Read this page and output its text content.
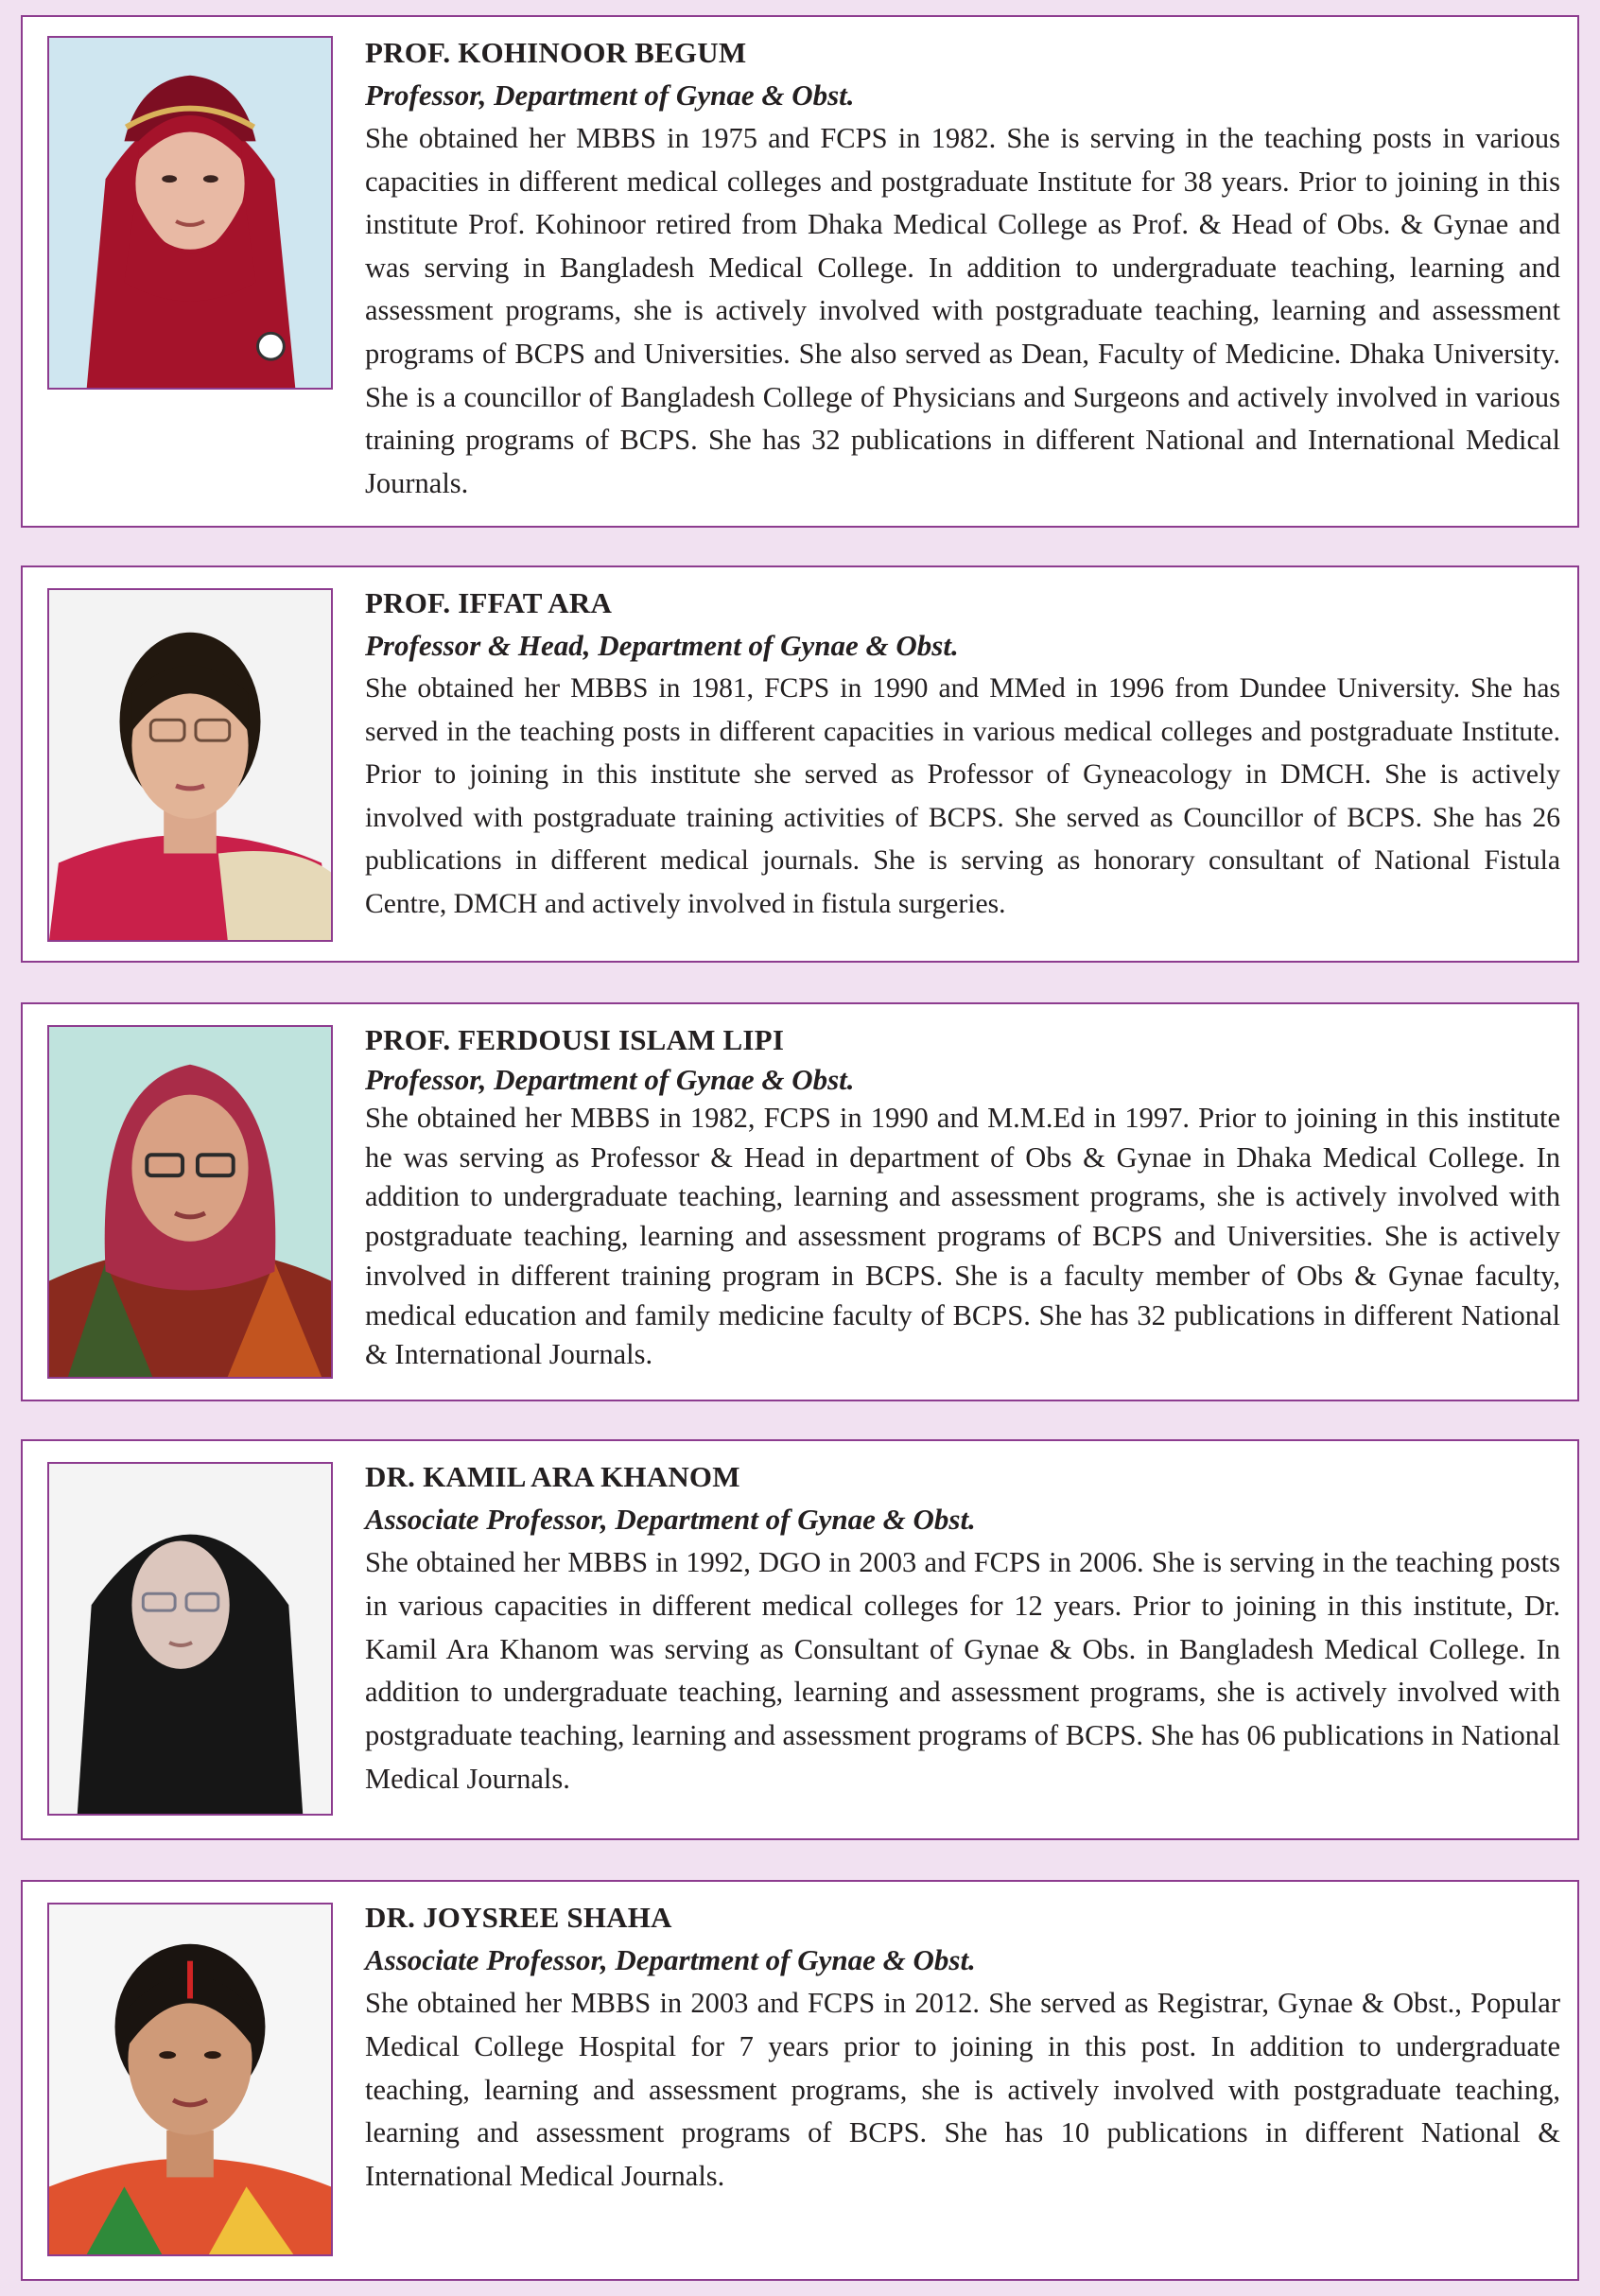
PROF. KOHINOOR BEGUM

Professor, Department of Gynae & Obst.

She obtained her MBBS in 1975 and FCPS in 1982. She is serving in the teaching posts in various capacities in different medical colleges and postgraduate Institute for 38 years. Prior to joining in this institute Prof. Kohinoor retired from Dhaka Medical College as Prof. & Head of Obs. & Gynae and was serving in Bangladesh Medical College. In addition to undergraduate teaching, learning and assessment programs, she is actively involved with postgraduate teaching, learning and assessment programs of BCPS and Universities. She also served as Dean, Faculty of Medicine. Dhaka University. She is a councillor of Bangladesh College of Physicians and Surgeons and actively involved in various training programs of BCPS. She has 32 publications in different National and International Medical Journals.

PROF. IFFAT ARA

Professor & Head, Department of Gynae & Obst.

She obtained her MBBS in 1981, FCPS in 1990 and MMed in 1996 from Dundee University. She has served in the teaching posts in different capacities in various medical colleges and postgraduate Institute. Prior to joining in this institute she served as Professor of Gyneacology in DMCH. She is actively involved with postgraduate training activities of BCPS. She served as Councillor of BCPS. She has 26 publications in different medical journals. She is serving as honorary consultant of National Fistula Centre, DMCH and actively involved in fistula surgeries.

PROF. FERDOUSI ISLAM LIPI

Professor, Department of Gynae & Obst.

She obtained her MBBS in 1982, FCPS in 1990 and M.M.Ed in 1997. Prior to joining in this institute he was serving as Professor & Head in department of Obs & Gynae in Dhaka Medical College. In addition to undergraduate teaching, learning and assessment programs, she is actively involved with postgraduate teaching, learning and assessment programs of BCPS and Universities. She is actively involved in different training program in BCPS. She is a faculty member of Obs & Gynae faculty, medical education and family medicine faculty of BCPS. She has 32 publications in different National & International Journals.

DR. KAMIL ARA KHANOM

Associate Professor, Department of Gynae & Obst.

She obtained her MBBS in 1992, DGO in 2003 and FCPS in 2006. She is serving in the teaching posts in various capacities in different medical colleges for 12 years. Prior to joining in this institute, Dr. Kamil Ara Khanom was serving as Consultant of Gynae & Obs. in Bangladesh Medical College. In addition to undergraduate teaching, learning and assessment programs, she is actively involved with postgraduate teaching, learning and assessment programs of BCPS. She has 06 publications in National Medical Journals.

DR. JOYSREE SHAHA

Associate Professor, Department of Gynae & Obst.

She obtained her MBBS in 2003 and FCPS in 2012. She served as Registrar, Gynae & Obst., Popular Medical College Hospital for 7 years prior to joining in this post. In addition to undergraduate teaching, learning and assessment programs, she is actively involved with postgraduate teaching, learning and assessment programs of BCPS. She has 10 publications in different National & International Medical Journals.
